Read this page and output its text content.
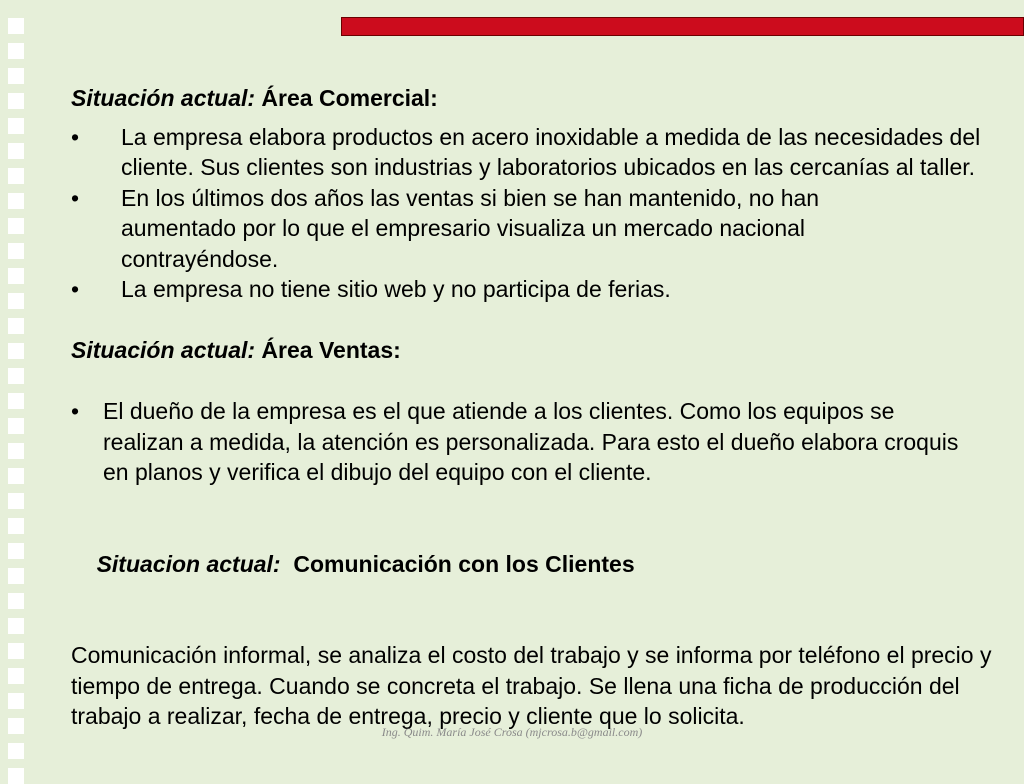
Situación actual: Área Comercial:

•	La empresa elabora productos en acero inoxidable a medida de las necesidades del cliente. Sus clientes son industrias y laboratorios ubicados en las cercanías al taller.

•	En los últimos dos años las ventas si bien se han mantenido, no han aumentado por lo que el empresario visualiza un mercado nacional contrayéndose.

•	La empresa no tiene sitio web y no participa de ferias.

Situación actual: Área Ventas:

•	El dueño de la empresa es el que atiende a los clientes. Como los equipos se realizan a medida, la atención es personalizada. Para esto el dueño elabora croquis en planos y verifica el dibujo del equipo con el cliente.

Situacion actual:  Comunicación con los Clientes

Comunicación informal, se analiza el costo del trabajo y se informa por teléfono el precio y tiempo de entrega. Cuando se concreta el trabajo. Se llena una ficha de producción del trabajo a realizar, fecha de entrega, precio y cliente que lo solicita.

Ing. Quim. María José Crosa (mjcrosa.b@gmail.com)
